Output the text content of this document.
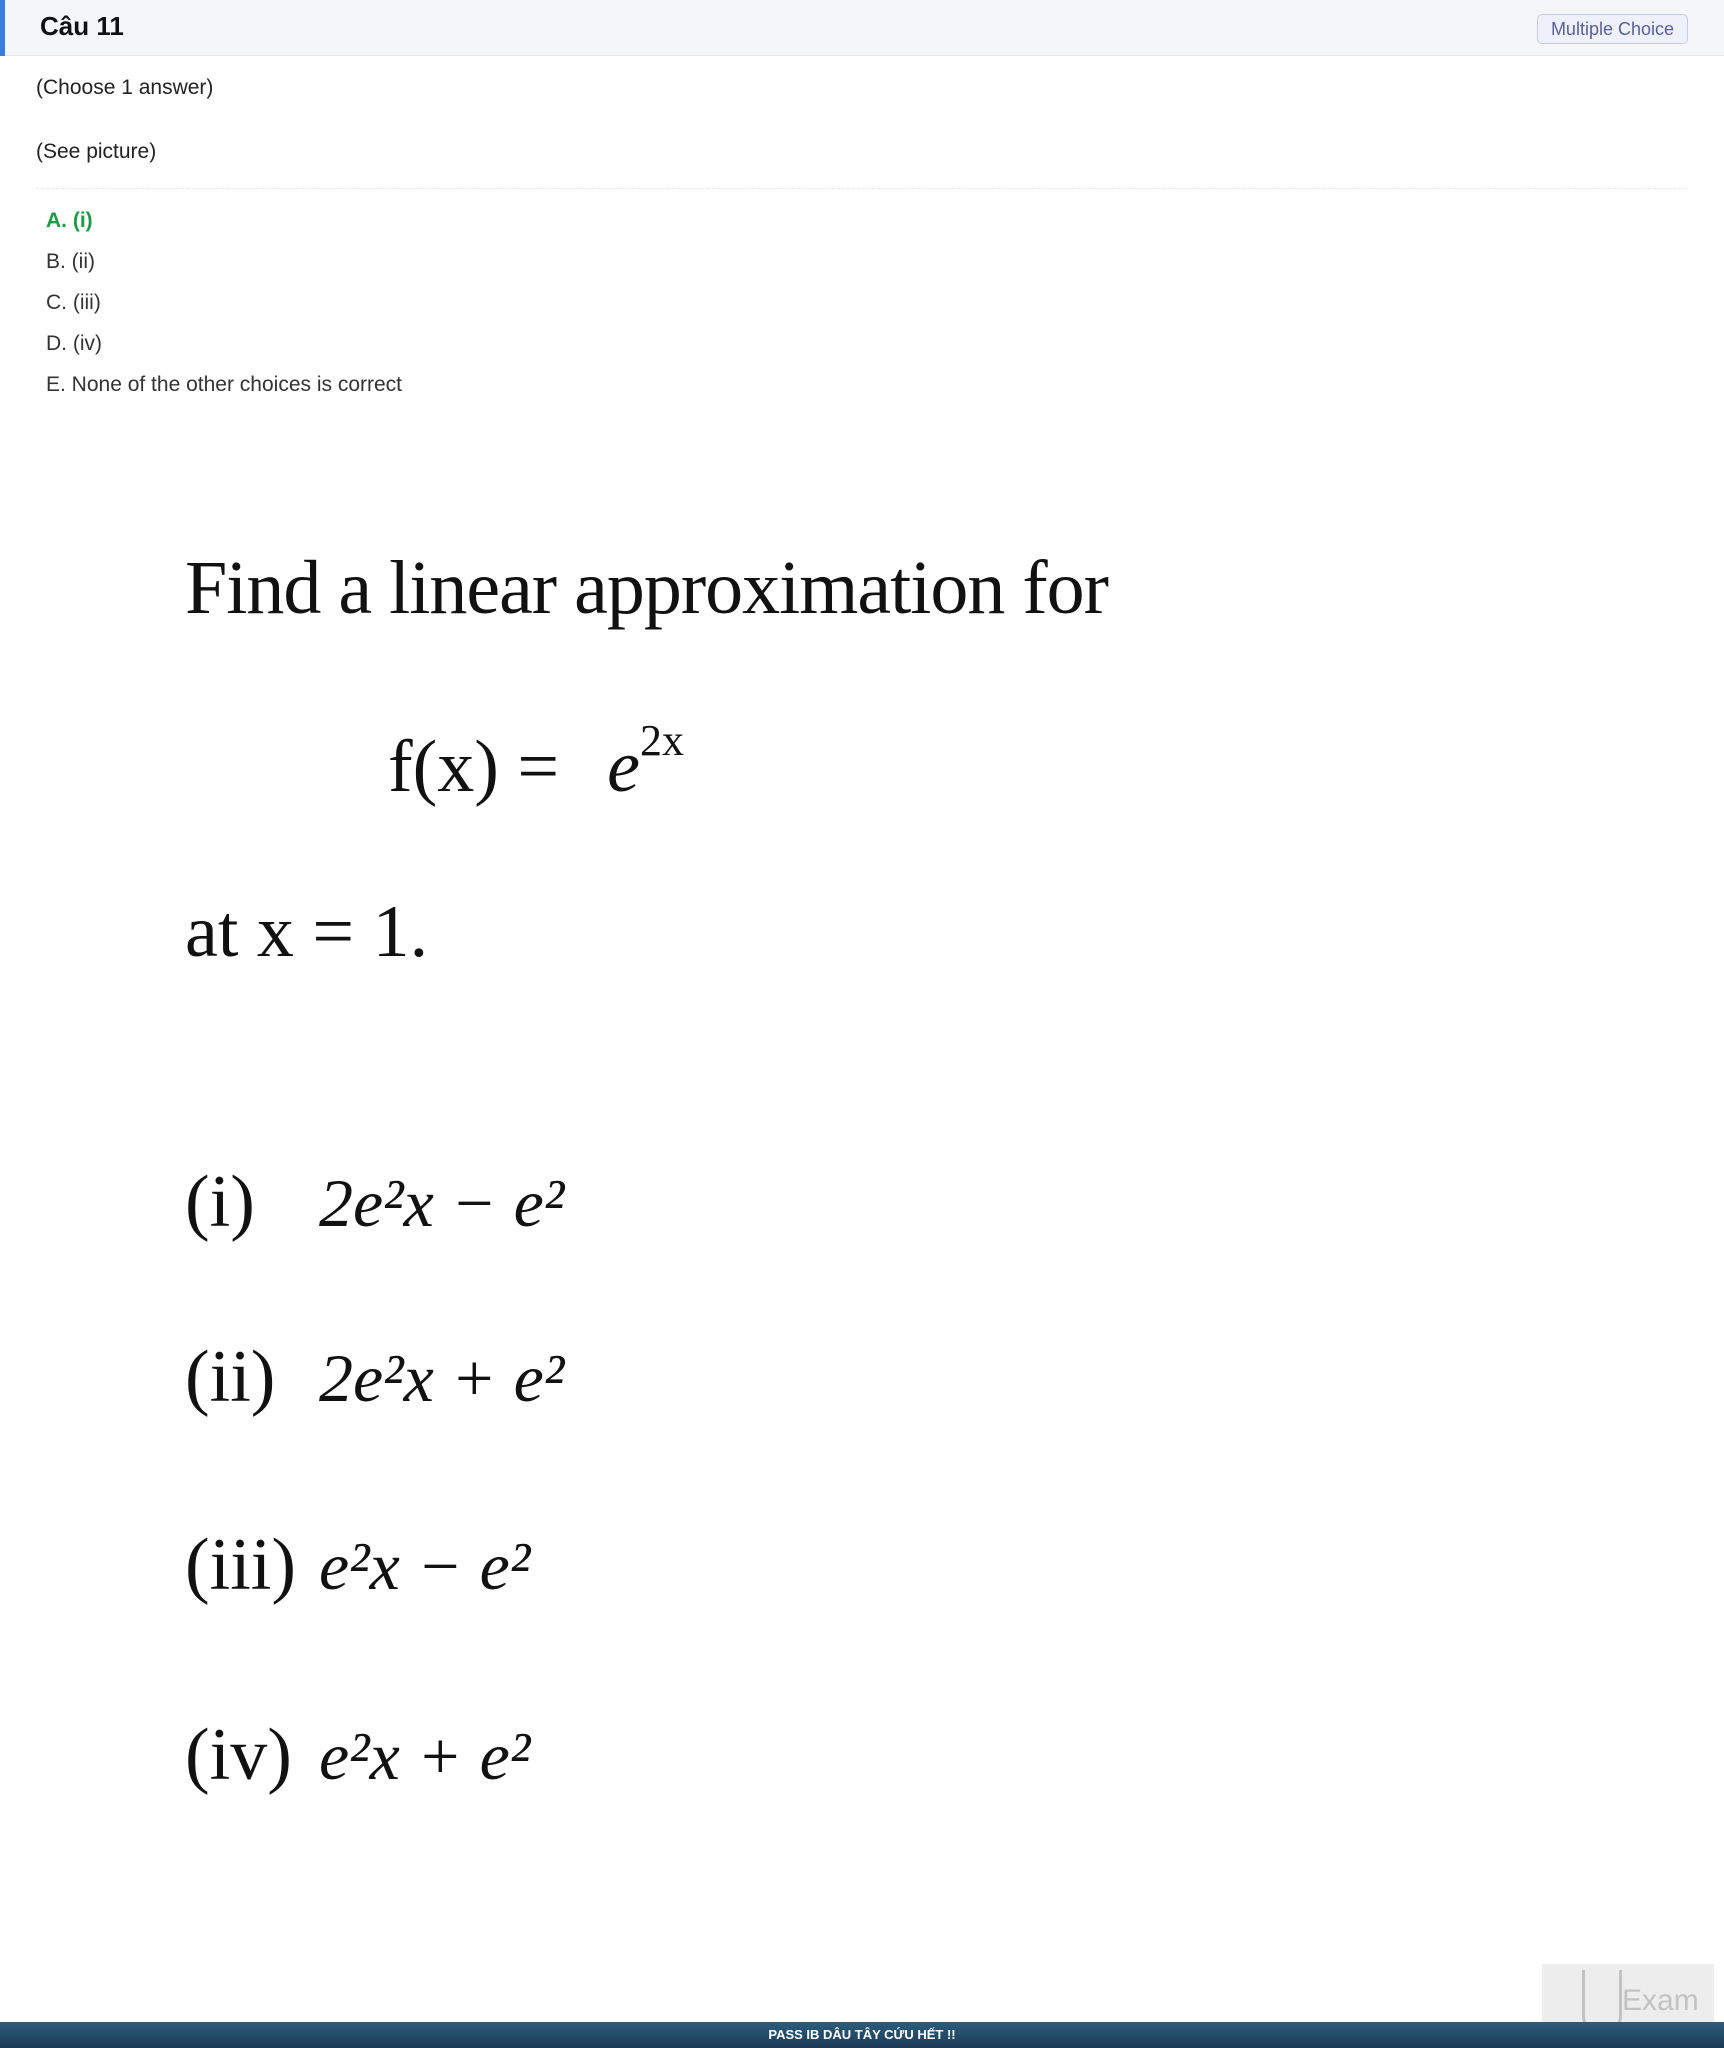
Câu 11	Multiple Choice
(Choose 1 answer)
(See picture)
A. (i)
B. (ii)
C. (iii)
D. (iv)
E. None of the other choices is correct
Find a linear approximation for
$f(x) = e^{2x}$
at x = 1.
(i) 2e²x − e²
(ii) 2e²x + e²
(iii) e²x − e²
(iv) e²x + e²
Exam
PASS IB DÂU TÂY CỨU HẾT !!
